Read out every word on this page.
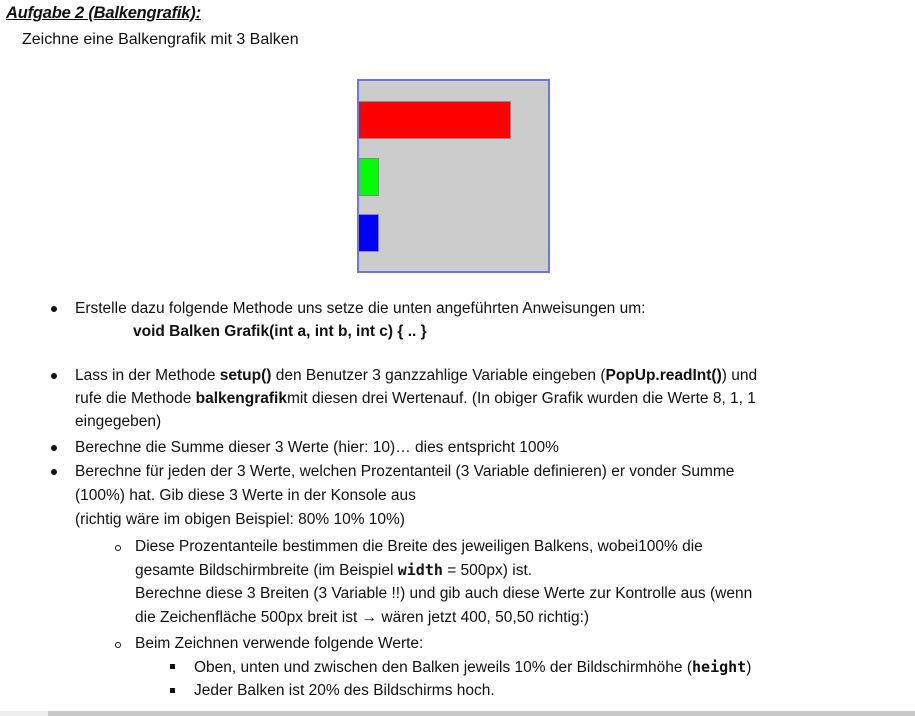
Aufgabe 2 (Balkengrafik):
Zeichne eine Balkengrafik mit 3 Balken
Erstelle dazu folgende Methode uns setze die unten angeführten Anweisungen um:
void Balken Grafik(int a, int b, int c) { .. }
Lass in der Methode setup() den Benutzer 3 ganzzahlige Variable eingeben (PopUp.readInt()) und
rufe die Methode balkengrafikmit diesen drei Wertenauf. (In obiger Grafik wurden die Werte 8, 1, 1
eingegeben)
Berechne die Summe dieser 3 Werte (hier: 10)… dies entspricht 100%
Berechne für jeden der 3 Werte, welchen Prozentanteil (3 Variable definieren) er vonder Summe
(100%) hat. Gib diese 3 Werte in der Konsole aus
(richtig wäre im obigen Beispiel: 80% 10% 10%)
Diese Prozentanteile bestimmen die Breite des jeweiligen Balkens, wobei100% die
gesamte Bildschirmbreite (im Beispiel width = 500px) ist.
Berechne diese 3 Breiten (3 Variable !!) und gib auch diese Werte zur Kontrolle aus (wenn
die Zeichenfläche 500px breit ist → wären jetzt 400, 50,50 richtig:)
Beim Zeichnen verwende folgende Werte:
Oben, unten und zwischen den Balken jeweils 10% der Bildschirmhöhe (height)
Jeder Balken ist 20% des Bildschirms hoch.
